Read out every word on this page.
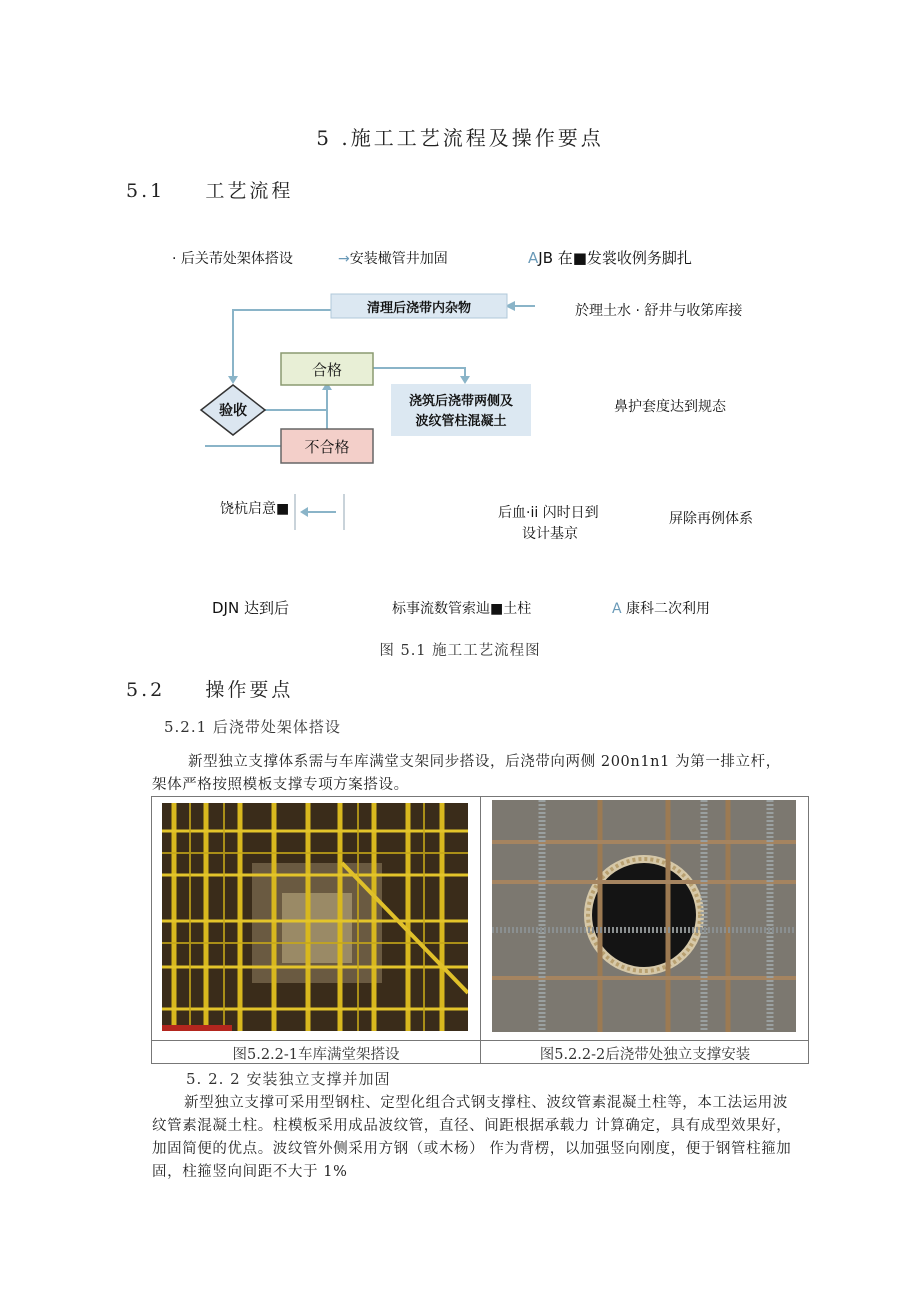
5 .施工工艺流程及操作要点
5.1 工艺流程
· 后关芾处架体搭设	→安装橄管井加固	AJB 在■发裳收例务脚扎
於理土水 · 舒井与收笫库接
清理后浇带内杂物
合格
验收
不合格
浇筑后浇带两侧及
波纹管柱混凝土
鼻护套度达到规态
饶杭启意■	后血·ii 闪时日到
设计基京
屏除再例体系
DJN 达到后	标事流数管索辿■土柱	A 康科二次利用
图 5.1 施工工艺流程图
5.2 操作要点
5.2.1 后浇带处架体搭设
新型独立支撑体系需与车库满堂支架同步搭设，后浇带向两侧 200n1n1 为第一排立杆，架体严格按照模板支撑专项方案搭设。
图5.2.2-1车库满堂架搭设	图5.2.2-2后浇带处独立支撑安装
5. 2. 2 安装独立支撑并加固
新型独立支撑可采用型钢柱、定型化组合式钢支撑柱、波纹管素混凝土柱等，本工法运用波纹管素混凝土柱。柱模板采用成品波纹管，直径、间距根据承载力 计算确定，具有成型效果好，加固简便的优点。波纹管外侧采用方钢（或木杨） 作为背楞，以加强竖向刚度，便于钢管柱箍加固，柱箍竖向间距不大于 1%
